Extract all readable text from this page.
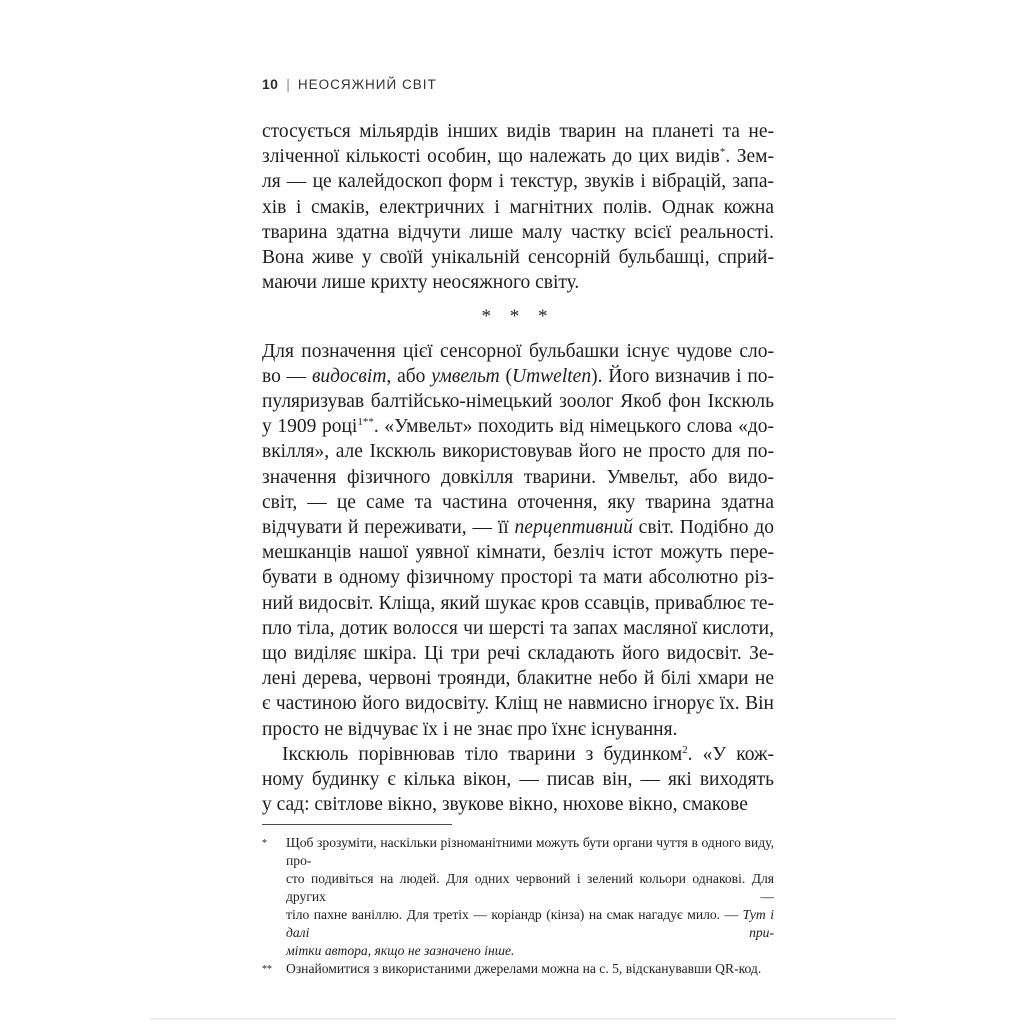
10 | НЕОСЯЖНИЙ СВІТ
стосується мільярдів інших видів тварин на планеті та не-
зліченної кількості особин, що належать до цих видів*. Зем-
ля — це калейдоскоп форм і текстур, звуків і вібрацій, запа-
хів і смаків, електричних і магнітних полів. Однак кожна
тварина здатна відчути лише малу частку всієї реальності.
Вона живе у своїй унікальній сенсорній бульбашці, сприй-
маючи лише крихту неосяжного світу.
* * *
Для позначення цієї сенсорної бульбашки існує чудове сло-
во — видосвіт, або умвельт (Umwelten). Його визначив і по-
пуляризував балтійсько-німецький зоолог Якоб фон Ікскюль
у 1909 році$^{1**}$. «Умвельт» походить від німецького слова «до-
вкілля», але Ікскюль використовував його не просто для по-
значення фізичного довкілля тварини. Умвельт, або видо-
світ, — це саме та частина оточення, яку тварина здатна
відчувати й переживати, — її перцептивний світ. Подібно до
мешканців нашої уявної кімнати, безліч істот можуть пере-
бувати в одному фізичному просторі та мати абсолютно різ-
ний видосвіт. Кліща, який шукає кров ссавців, приваблює те-
пло тіла, дотик волосся чи шерсті та запах масляної кислоти,
що виділяє шкіра. Ці три речі складають його видосвіт. Зе-
лені дерева, червоні троянди, блакитне небо й білі хмари не
є частиною його видосвіту. Кліщ не навмисно ігнорує їх. Він
просто не відчуває їх і не знає про їхнє існування.
Ікскюль порівнював тіло тварини з будинком$^2$. «У кож-
ному будинку є кілька вікон, — писав він, — які виходять
у сад: світлове вікно, звукове вікно, нюхове вікно, смакове
*	Щоб зрозуміти, наскільки різноманітними можуть бути органи чуття в одного виду, про-
сто подивіться на людей. Для одних червоний і зелений кольори однакові. Для других —
тіло пахне ваніллю. Для третіх — коріандр (кінза) на смак нагадує мило. — Тут і далі при-
мітки автора, якщо не зазначено інше.
**	Ознайомитися з використаними джерелами можна на с. 5, відсканувавши QR-код.
